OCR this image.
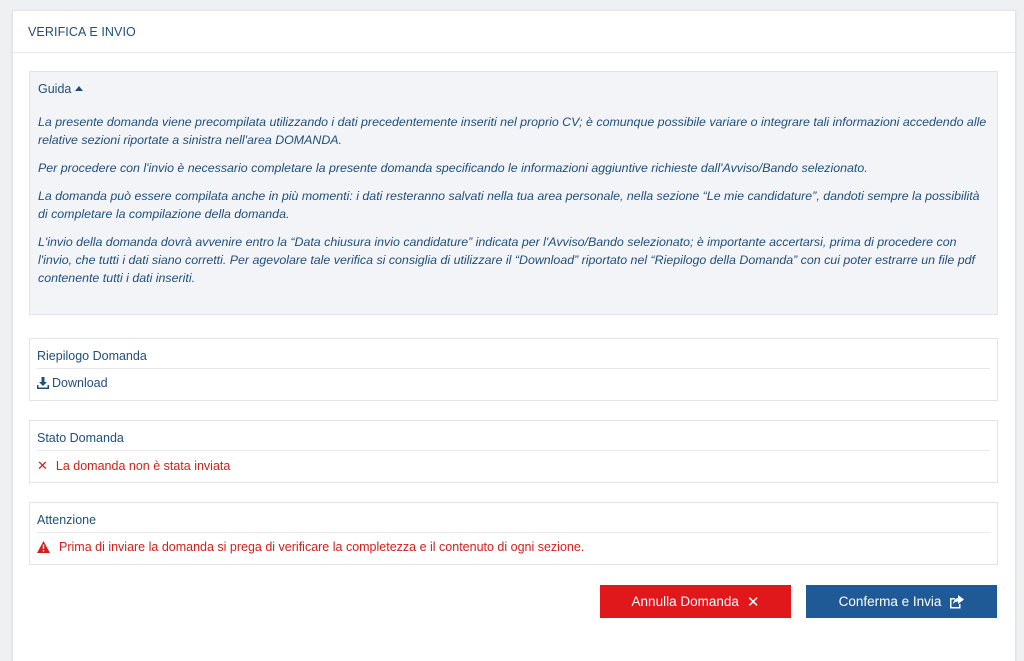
VERIFICA E INVIO
Guida

La presente domanda viene precompilata utilizzando i dati precedentemente inseriti nel proprio CV; è comunque possibile variare o integrare tali informazioni accedendo alle relative sezioni riportate a sinistra nell'area DOMANDA.

Per procedere con l'invio è necessario completare la presente domanda specificando le informazioni aggiuntive richieste dall'Avviso/Bando selezionato.

La domanda può essere compilata anche in più momenti: i dati resteranno salvati nella tua area personale, nella sezione “Le mie candidature”, dandoti sempre la possibilità di completare la compilazione della domanda.

L'invio della domanda dovrà avvenire entro la “Data chiusura invio candidature” indicata per l'Avviso/Bando selezionato; è importante accertarsi, prima di procedere con l'invio, che tutti i dati siano corretti. Per agevolare tale verifica si consiglia di utilizzare il “Download” riportato nel “Riepilogo della Domanda” con cui poter estrarre un file pdf contenente tutti i dati inseriti.

Riepilogo Domanda
Download
Stato Domanda
✕ La domanda non è stata inviata
Attenzione
Prima di inviare la domanda si prega di verificare la completezza e il contenuto di ogni sezione.
Annulla Domanda ✕	Conferma e Invia
